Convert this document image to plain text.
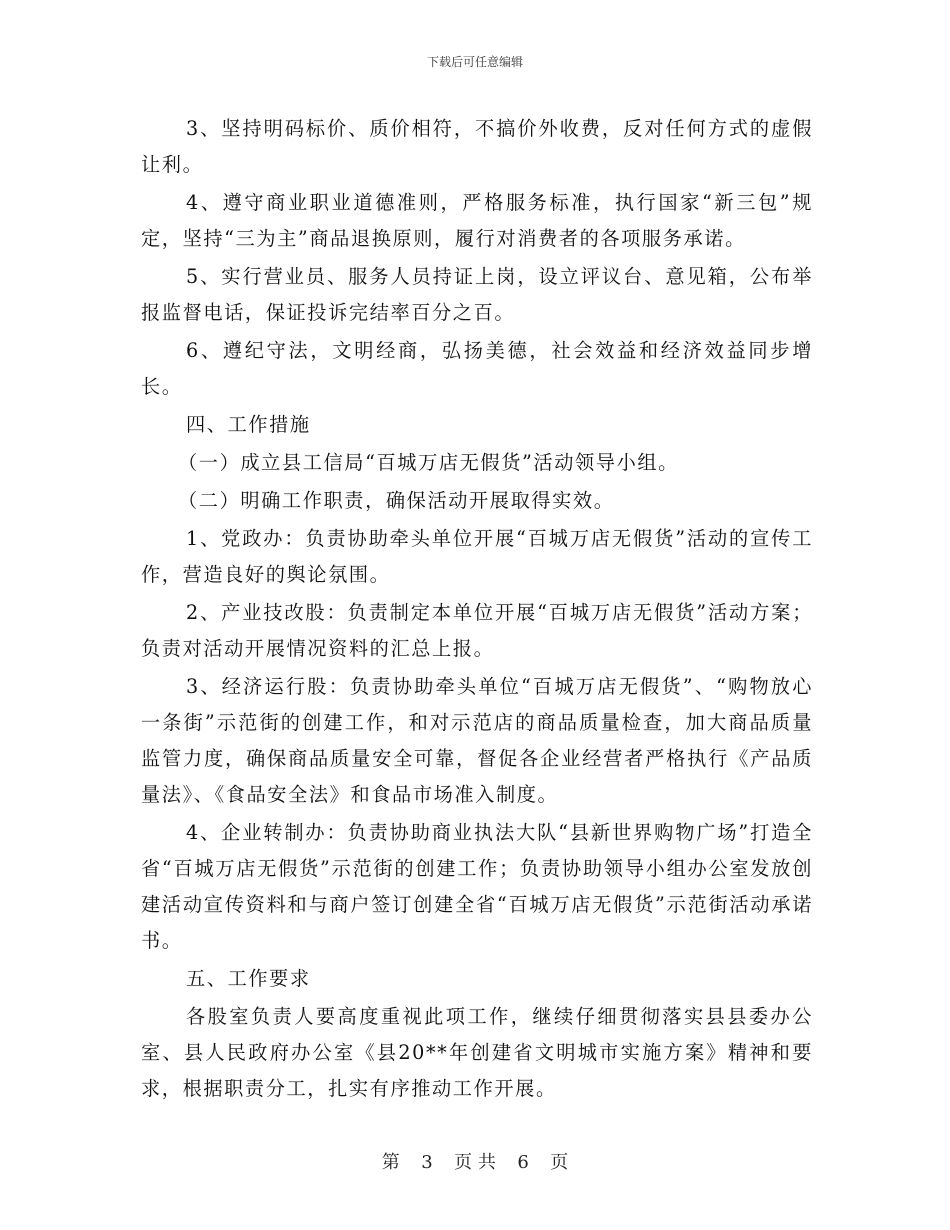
下载后可任意编辑

3、坚持明码标价、质价相符，不搞价外收费，反对任何方式的虚假让利。

4、遵守商业职业道德准则，严格服务标准，执行国家“新三包”规定，坚持“三为主”商品退换原则，履行对消费者的各项服务承诺。

5、实行营业员、服务人员持证上岗，设立评议台、意见箱，公布举报监督电话，保证投诉完结率百分之百。

6、遵纪守法，文明经商，弘扬美德，社会效益和经济效益同步增长。

四、工作措施

（一）成立县工信局“百城万店无假货”活动领导小组。

（二）明确工作职责，确保活动开展取得实效。

1、党政办：负责协助牵头单位开展“百城万店无假货”活动的宣传工作，营造良好的舆论氛围。

2、产业技改股：负责制定本单位开展“百城万店无假货”活动方案；负责对活动开展情况资料的汇总上报。

3、经济运行股：负责协助牵头单位“百城万店无假货”、“购物放心一条街”示范街的创建工作，和对示范店的商品质量检查，加大商品质量监管力度，确保商品质量安全可靠，督促各企业经营者严格执行《产品质量法》、《食品安全法》和食品市场准入制度。

4、企业转制办：负责协助商业执法大队“县新世界购物广场”打造全省“百城万店无假货”示范街的创建工作；负责协助领导小组办公室发放创建活动宣传资料和与商户签订创建全省“百城万店无假货”示范街活动承诺书。

五、工作要求

各股室负责人要高度重视此项工作，继续仔细贯彻落实县县委办公室、县人民政府办公室《县20**年创建省文明城市实施方案》精神和要求，根据职责分工，扎实有序推动工作开展。

第 3 页 共 6 页
